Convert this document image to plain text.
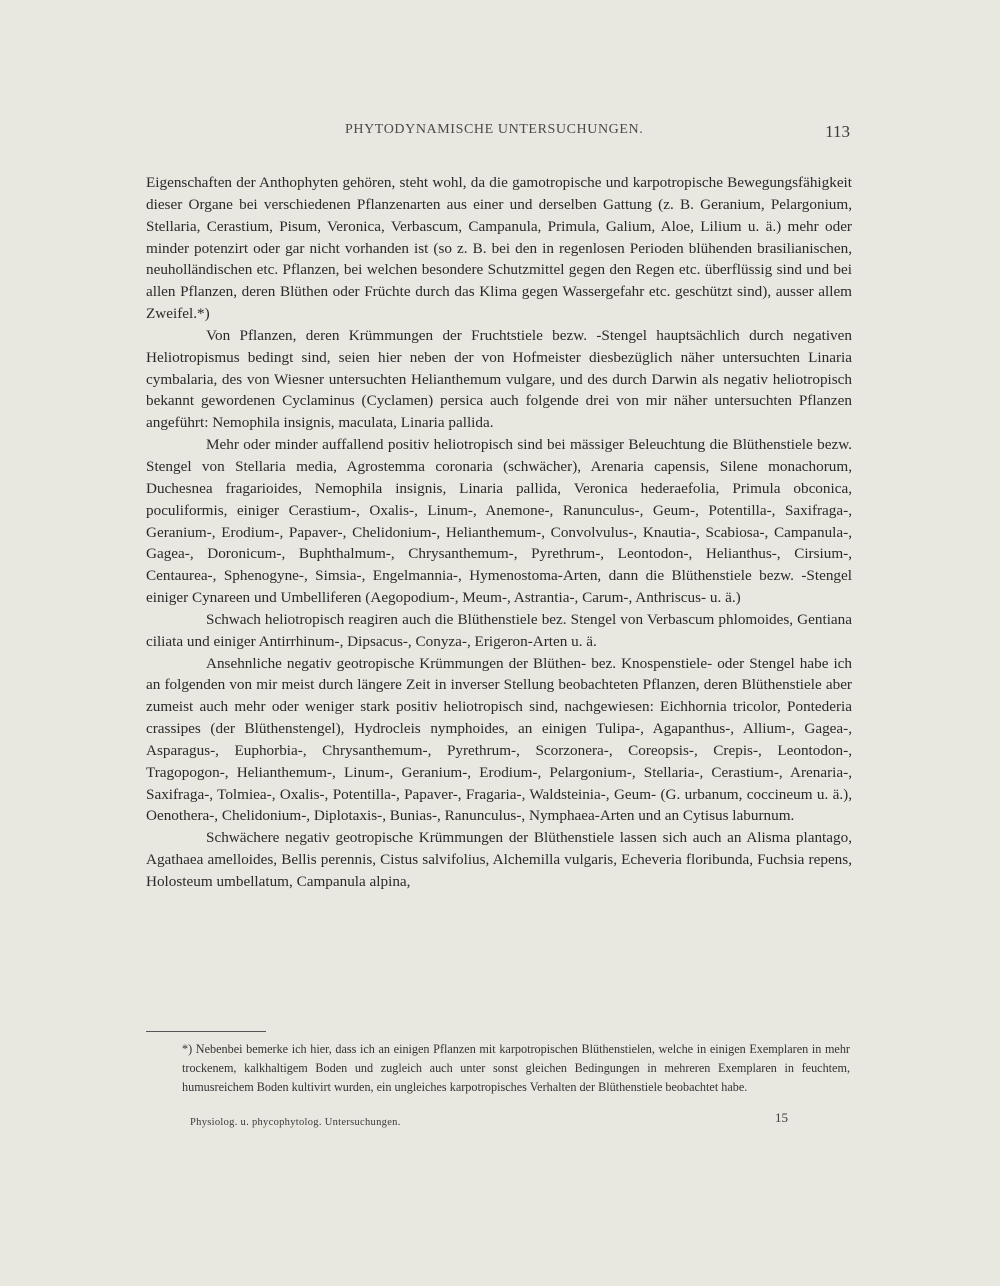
PHYTODYNAMISCHE UNTERSUCHUNGEN.	113

Eigenschaften der Anthophyten gehören, steht wohl, da die gamotropische und karpotropische Bewegungsfähigkeit dieser Organe bei verschiedenen Pflanzenarten aus einer und derselben Gattung (z. B. Geranium, Pelargonium, Stellaria, Cerastium, Pisum, Veronica, Verbascum, Campanula, Primula, Galium, Aloe, Lilium u. ä.) mehr oder minder potenzirt oder gar nicht vorhanden ist (so z. B. bei den in regenlosen Perioden blühenden brasilianischen, neuholländischen etc. Pflanzen, bei welchen besondere Schutzmittel gegen den Regen etc. überflüssig sind und bei allen Pflanzen, deren Blüthen oder Früchte durch das Klima gegen Wassergefahr etc. geschützt sind), ausser allem Zweifel.*)

Von Pflanzen, deren Krümmungen der Fruchtstiele bezw. -Stengel hauptsächlich durch negativen Heliotropismus bedingt sind, seien hier neben der von Hofmeister diesbezüglich näher untersuchten Linaria cymbalaria, des von Wiesner untersuchten Helianthemum vulgare, und des durch Darwin als negativ heliotropisch bekannt gewordenen Cyclaminus (Cyclamen) persica auch folgende drei von mir näher untersuchten Pflanzen angeführt: Nemophila insignis, maculata, Linaria pallida.

Mehr oder minder auffallend positiv heliotropisch sind bei mässiger Beleuchtung die Blüthenstiele bezw. Stengel von Stellaria media, Agrostemma coronaria (schwächer), Arenaria capensis, Silene monachorum, Duchesnea fragarioides, Nemophila insignis, Linaria pallida, Veronica hederaefolia, Primula obconica, poculiformis, einiger Cerastium-, Oxalis-, Linum-, Anemone-, Ranunculus-, Geum-, Potentilla-, Saxifraga-, Geranium-, Erodium-, Papaver-, Chelidonium-, Helianthemum-, Convolvulus-, Knautia-, Scabiosa-, Campanula-, Gagea-, Doronicum-, Buphthalmum-, Chrysanthemum-, Pyrethrum-, Leontodon-, Helianthus-, Cirsium-, Centaurea-, Sphenogyne-, Simsia-, Engelmannia-, Hymenostoma-Arten, dann die Blüthenstiele bezw. -Stengel einiger Cynareen und Umbelliferen (Aegopodium-, Meum-, Astrantia-, Carum-, Anthriscus- u. ä.)

Schwach heliotropisch reagiren auch die Blüthenstiele bez. Stengel von Verbascum phlomoides, Gentiana ciliata und einiger Antirrhinum-, Dipsacus-, Conyza-, Erigeron-Arten u. ä.

Ansehnliche negativ geotropische Krümmungen der Blüthen- bez. Knospenstiele- oder Stengel habe ich an folgenden von mir meist durch längere Zeit in inverser Stellung beobachteten Pflanzen, deren Blüthenstiele aber zumeist auch mehr oder weniger stark positiv heliotropisch sind, nachgewiesen: Eichhornia tricolor, Pontederia crassipes (der Blüthenstengel), Hydrocleis nymphoides, an einigen Tulipa-, Agapanthus-, Allium-, Gagea-, Asparagus-, Euphorbia-, Chrysanthemum-, Pyrethrum-, Scorzonera-, Coreopsis-, Crepis-, Leontodon-, Tragopogon-, Helianthemum-, Linum-, Geranium-, Erodium-, Pelargonium-, Stellaria-, Cerastium-, Arenaria-, Saxifraga-, Tolmiea-, Oxalis-, Potentilla-, Papaver-, Fragaria-, Waldsteinia-, Geum- (G. urbanum, coccineum u. ä.), Oenothera-, Chelidonium-, Diplotaxis-, Bunias-, Ranunculus-, Nymphaea-Arten und an Cytisus laburnum.

Schwächere negativ geotropische Krümmungen der Blüthenstiele lassen sich auch an Alisma plantago, Agathaea amelloides, Bellis perennis, Cistus salvifolius, Alchemilla vulgaris, Echeveria floribunda, Fuchsia repens, Holosteum umbellatum, Campanula alpina,

*) Nebenbei bemerke ich hier, dass ich an einigen Pflanzen mit karpotropischen Blüthenstielen, welche in einigen Exemplaren in mehr trockenem, kalkhaltigem Boden und zugleich auch unter sonst gleichen Bedingungen in mehreren Exemplaren in feuchtem, humusreichem Boden kultivirt wurden, ein ungleiches karpotropisches Verhalten der Blüthenstiele beobachtet habe.
Physiolog. u. phycophytolog. Untersuchungen.	15
